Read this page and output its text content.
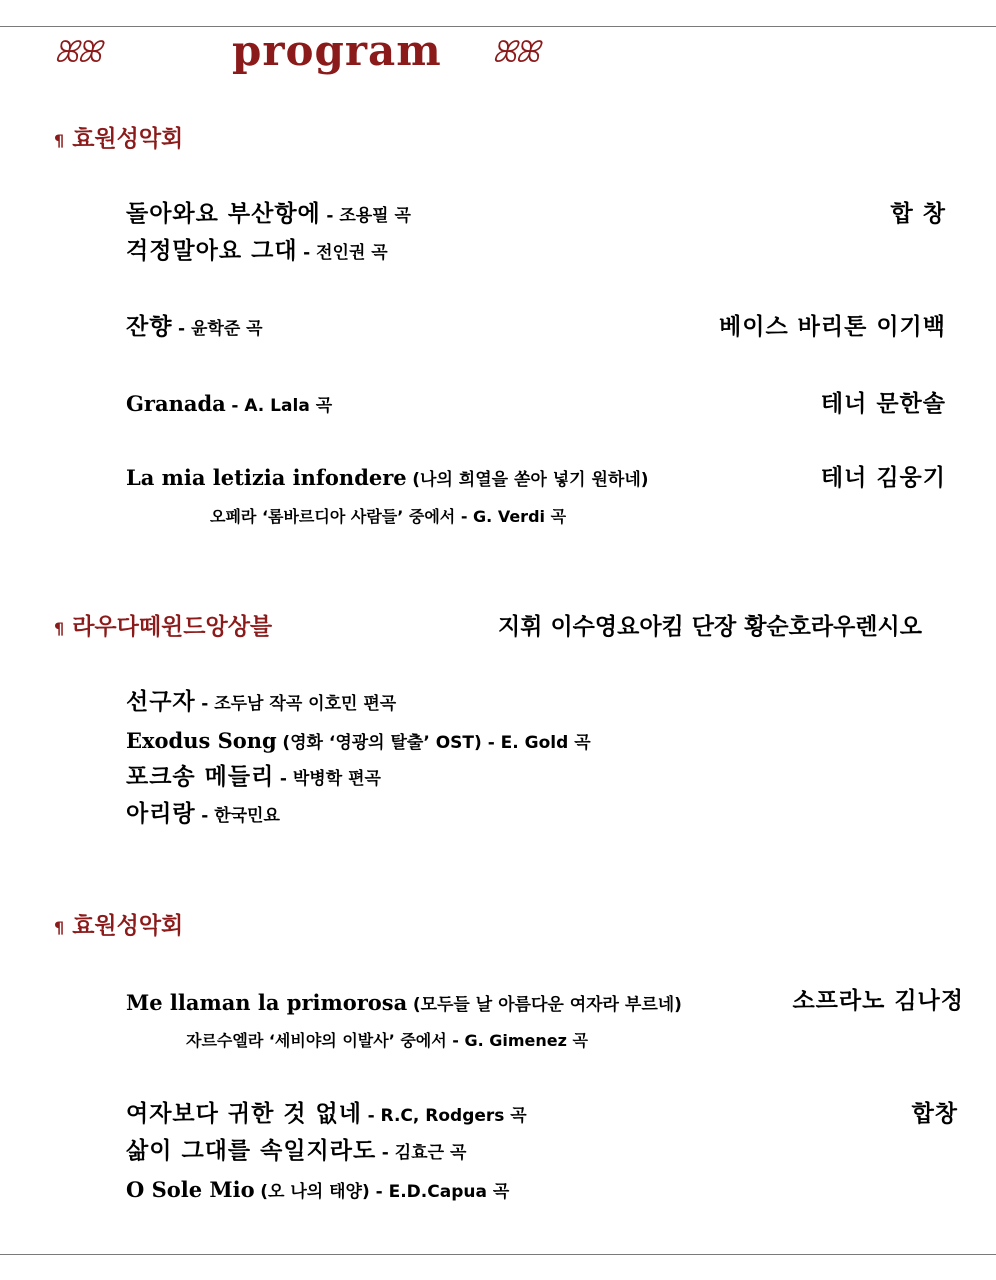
ꕤꕤ	program ꕤꕤ
¶ 효원성악회
돌아와요 부산항에 - 조용필 곡	합 창
걱정말아요 그대 - 전인권 곡
잔향 - 윤학준 곡	베이스 바리톤 이기백
Granada - A. Lala 곡	테너 문한솔
La mia letizia infondere (나의 희열을 쏟아 넣기 원하네)	테너 김웅기
오페라 ‘롬바르디아 사람들’ 중에서 - G. Verdi 곡
¶ 라우다떼윈드앙상블	지휘 이수영요아킴 단장 황순호라우렌시오
선구자 - 조두남 작곡 이호민 편곡
Exodus Song (영화 ‘영광의 탈출’ OST) - E. Gold 곡
포크송 메들리 - 박병학 편곡
아리랑 - 한국민요
¶ 효원성악회
Me llaman la primorosa (모두들 날 아름다운 여자라 부르네)	소프라노 김나정
자르수엘라 ‘세비야의 이발사’ 중에서 - G. Gimenez 곡
여자보다 귀한 것 없네 - R.C, Rodgers 곡	합창
삶이 그대를 속일지라도 - 김효근 곡
O Sole Mio (오 나의 태양) - E.D.Capua 곡
